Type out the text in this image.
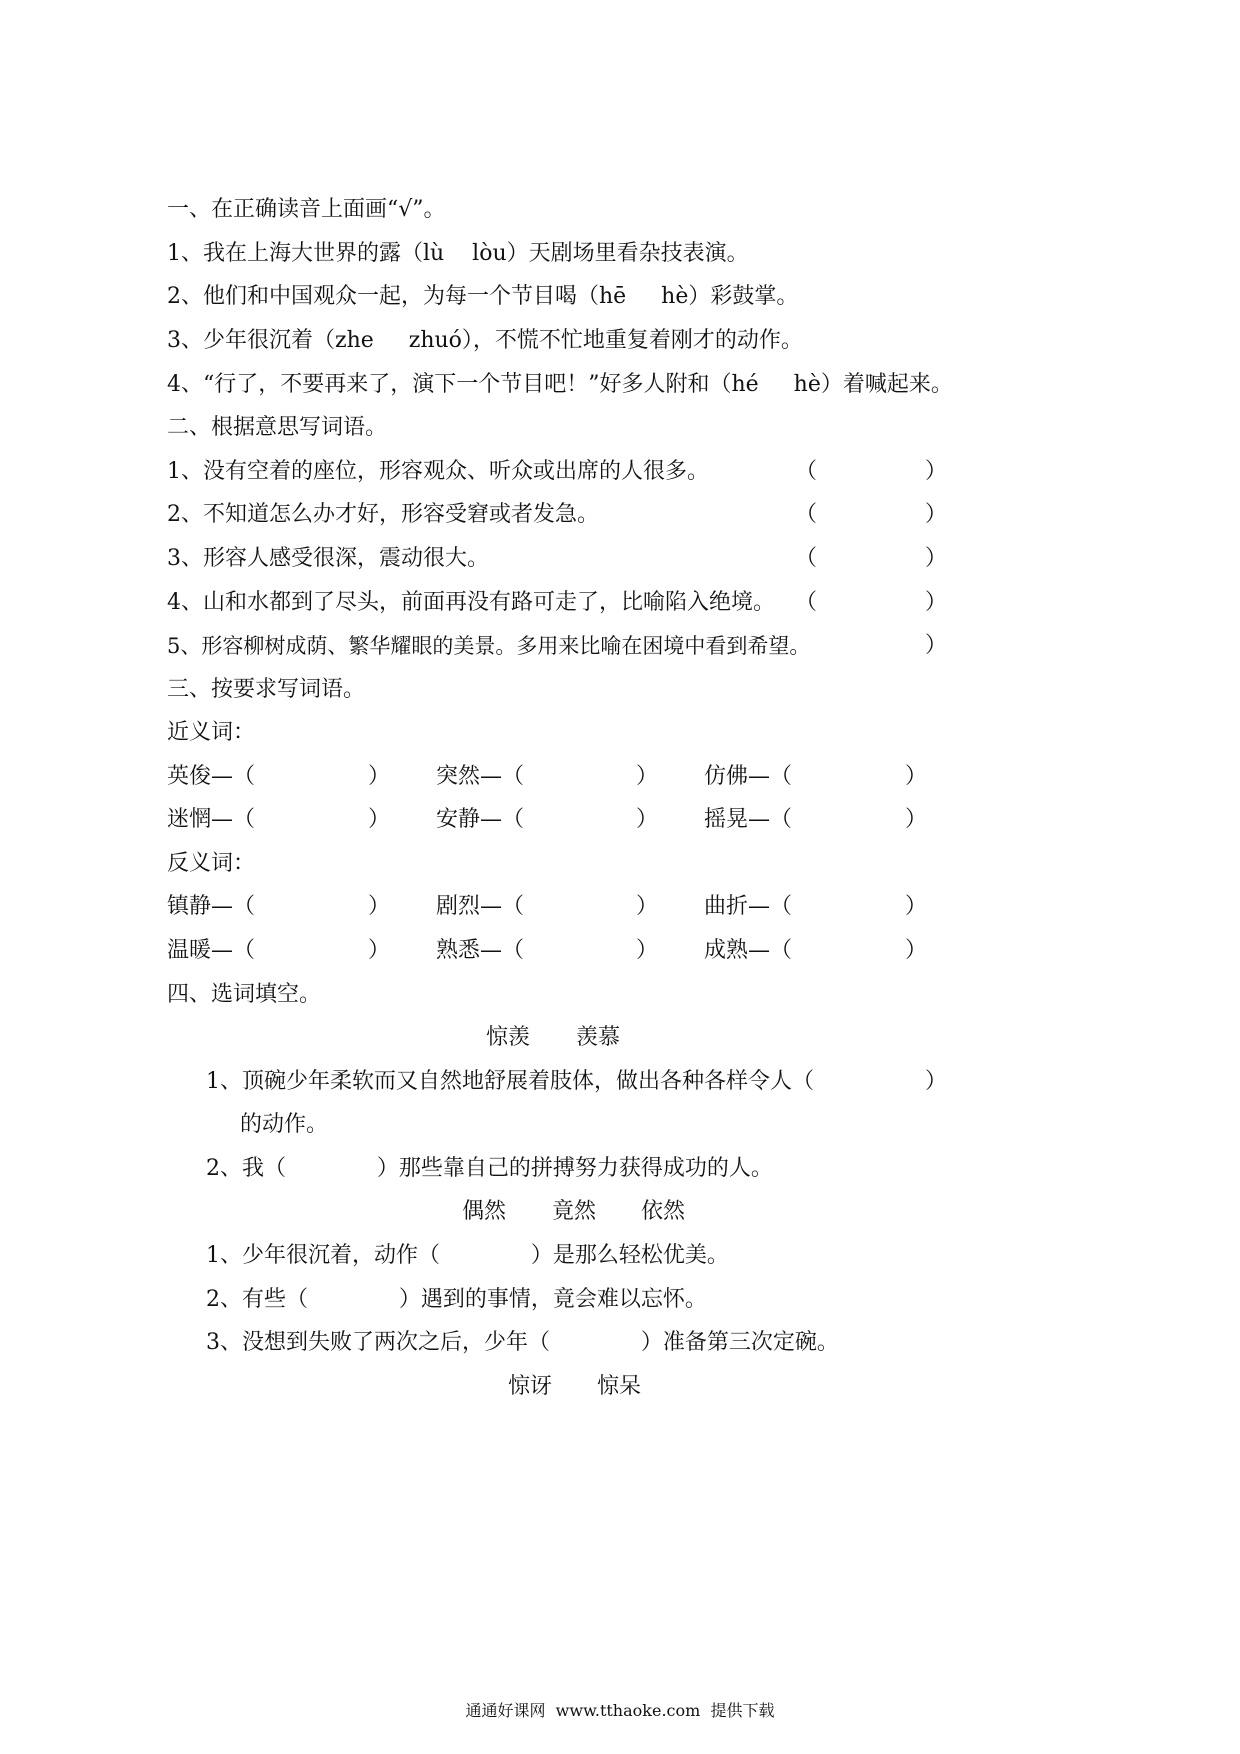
一、在正确读音上面画“√”。
1、我在上海大世界的露（lù    lòu）天剧场里看杂技表演。
2、他们和中国观众一起，为每一个节目喝（hē     hè）彩鼓掌。
3、少年很沉着（zhe     zhuó），不慌不忙地重复着刚才的动作。
4、“行了，不要再来了，演下一个节目吧！”好多人附和（hé     hè）着喊起来。
二、根据意思写词语。
1、没有空着的座位，形容观众、听众或出席的人很多。	（	）
2、不知道怎么办才好，形容受窘或者发急。	（	）
3、形容人感受很深，震动很大。	（	）
4、山和水都到了尽头，前面再没有路可走了，比喻陷入绝境。 （	）
5、形容柳树成荫、繁华耀眼的美景。多用来比喻在困境中看到希望。	）
三、按要求写词语。
近义词：
英俊—（	） 突然—（	） 仿佛—（	）
迷惘—（	） 安静—（	） 摇晃—（	）
反义词：
镇静—（	） 剧烈—（	） 曲折—（	）
温暖—（	） 熟悉—（	） 成熟—（	）
四、选词填空。
惊羡 羡慕
1、顶碗少年柔软而又自然地舒展着肢体，做出各种各样令人（	）
的动作。
2、我（             ）那些靠自己的拼搏努力获得成功的人。
偶然 竟然 依然
1、少年很沉着，动作（             ）是那么轻松优美。
2、有些（             ）遇到的事情，竟会难以忘怀。
3、没想到失败了两次之后，少年（             ）准备第三次定碗。
惊讶 惊呆
通通好课网  www.tthaoke.com  提供下载
